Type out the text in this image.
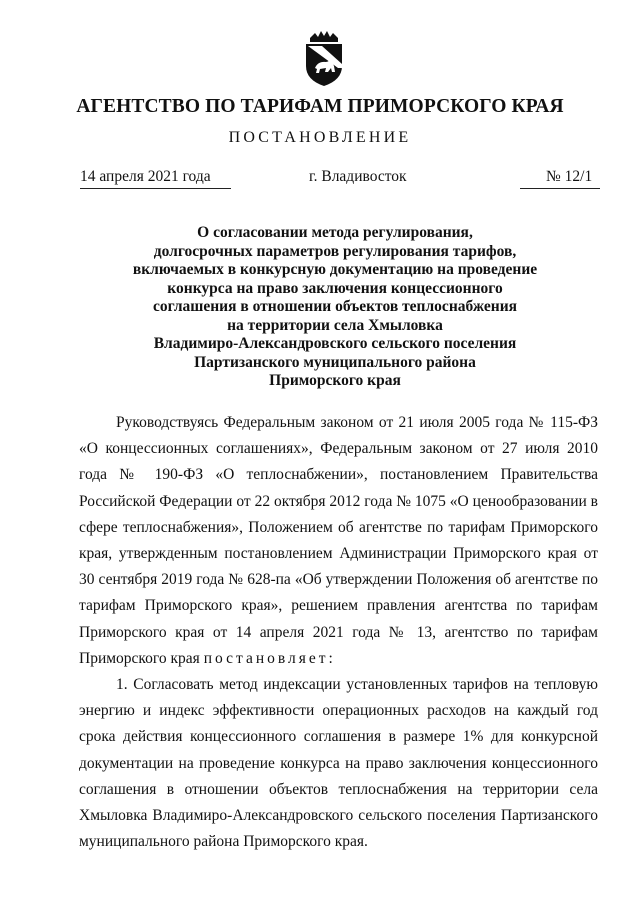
АГЕНТСТВО ПО ТАРИФАМ ПРИМОРСКОГО КРАЯ
ПОСТАНОВЛЕНИЕ
14 апреля 2021 года	г. Владивосток	№ 12/1
О согласовании метода регулирования,
долгосрочных параметров регулирования тарифов,
включаемых в конкурсную документацию на проведение
конкурса на право заключения концессионного
соглашения в отношении объектов теплоснабжения
на территории села Хмыловка
Владимиро-Александровского сельского поселения
Партизанского муниципального района
Приморского края

Руководствуясь Федеральным законом от 21 июля 2005 года № 115-ФЗ «О концессионных соглашениях», Федеральным законом от 27 июля 2010 года № 190-ФЗ «О теплоснабжении», постановлением Правительства Российской Федерации от 22 октября 2012 года № 1075 «О ценообразовании в сфере теплоснабжения», Положением об агентстве по тарифам Приморского края, утвержденным постановлением Администрации Приморского края от 30 сентября 2019 года № 628-па «Об утверждении Положения об агентстве по тарифам Приморского края», решением правления агентства по тарифам Приморского края от 14 апреля 2021 года № 13, агентство по тарифам Приморского края постановляет:

1. Согласовать метод индексации установленных тарифов на тепловую энергию и индекс эффективности операционных расходов на каждый год срока действия концессионного соглашения в размере 1% для конкурсной документации на проведение конкурса на право заключения концессионного соглашения в отношении объектов теплоснабжения на территории села Хмыловка Владимиро-Александровского сельского поселения Партизанского муниципального района Приморского края.
